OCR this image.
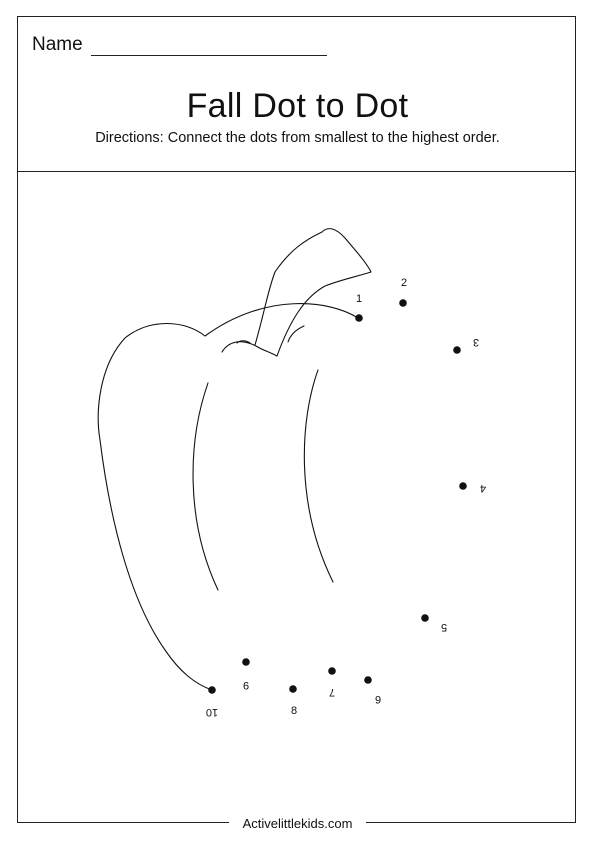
Name
Fall Dot to Dot
Directions: Connect the dots from smallest to the highest order.
1
2
3
4
5
6
7
8
9
10
Activelittlekids.com
